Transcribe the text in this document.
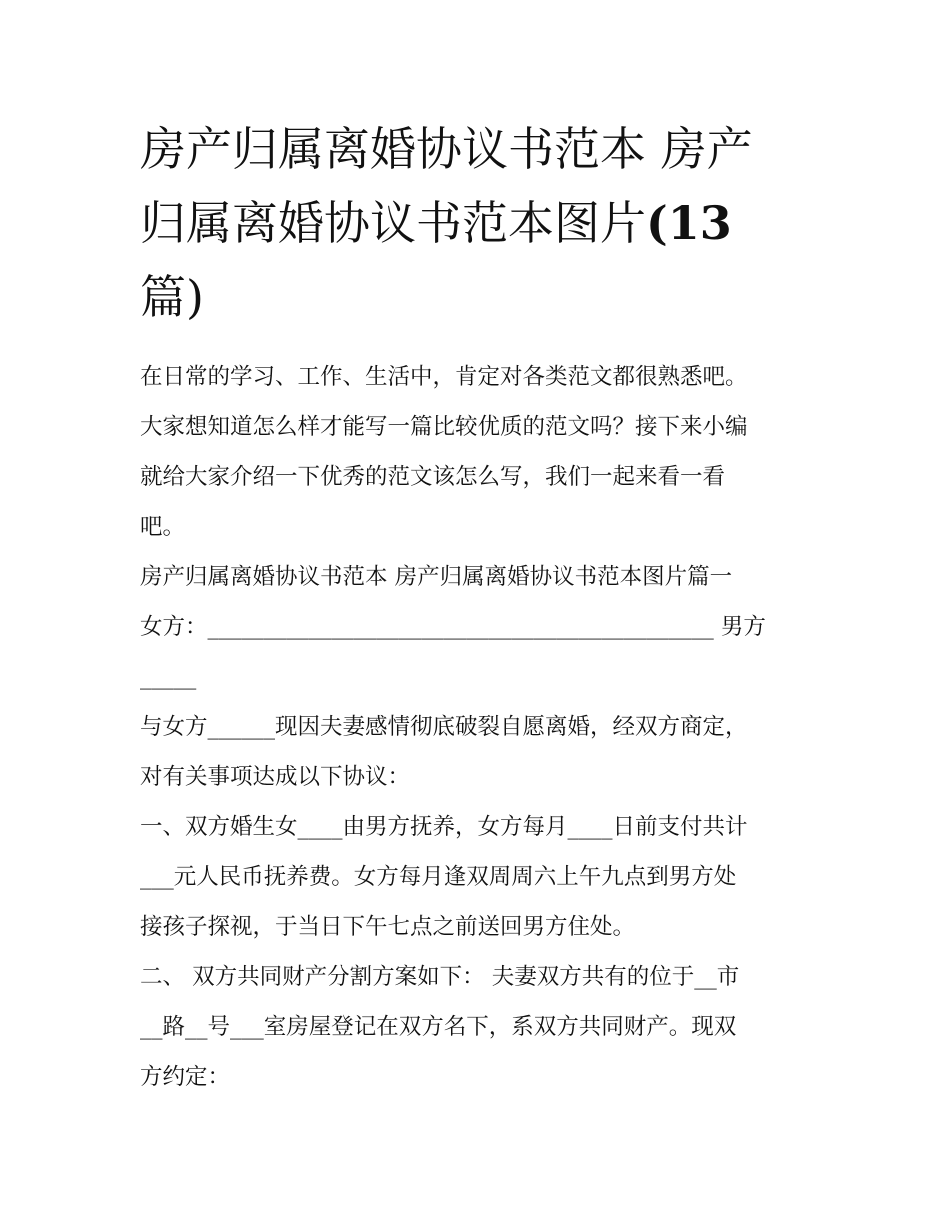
房产归属离婚协议书范本 房产
归属离婚协议书范本图片(13
篇)
在日常的学习、工作、生活中，肯定对各类范文都很熟悉吧。
大家想知道怎么样才能写一篇比较优质的范文吗？接下来小编
就给大家介绍一下优秀的范文该怎么写，我们一起来看一看
吧。
房产归属离婚协议书范本 房产归属离婚协议书范本图片篇一
女方：_____________________________________________ 男方
_____
与女方______现因夫妻感情彻底破裂自愿离婚，经双方商定，
对有关事项达成以下协议：
一、双方婚生女____由男方抚养，女方每月____日前支付共计
___元人民币抚养费。女方每月逢双周周六上午九点到男方处
接孩子探视，于当日下午七点之前送回男方住处。
二、 双方共同财产分割方案如下： 夫妻双方共有的位于__市
__路__号___室房屋登记在双方名下，系双方共同财产。现双
方约定：
